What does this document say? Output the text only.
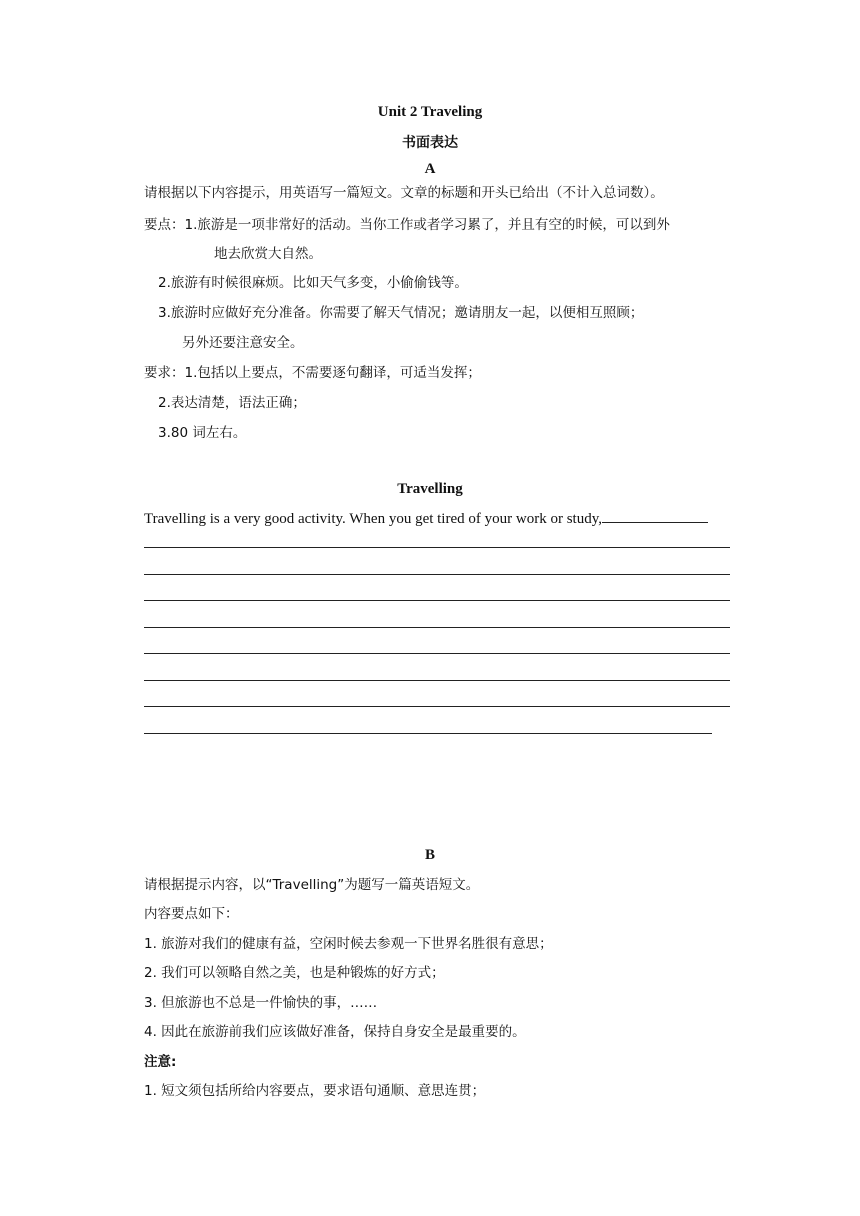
Unit 2 Traveling
书面表达
A
请根据以下内容提示，用英语写一篇短文。文章的标题和开头已给出（不计入总词数）。
要点：1.旅游是一项非常好的活动。当你工作或者学习累了，并且有空的时候，可以到外
地去欣赏大自然。
2.旅游有时候很麻烦。比如天气多变，小偷偷钱等。
3.旅游时应做好充分准备。你需要了解天气情况；邀请朋友一起，以便相互照顾；
另外还要注意安全。
要求：1.包括以上要点，不需要逐句翻译，可适当发挥；
2.表达清楚，语法正确；
3.80 词左右。
Travelling
Travelling is a very good activity. When you get tired of your work or study,
B
请根据提示内容，以“Travelling”为题写一篇英语短文。
内容要点如下：
1. 旅游对我们的健康有益，空闲时候去参观一下世界名胜很有意思；
2. 我们可以领略自然之美，也是种锻炼的好方式；
3. 但旅游也不总是一件愉快的事，……
4. 因此在旅游前我们应该做好准备，保持自身安全是最重要的。
注意:
1. 短文须包括所给内容要点，要求语句通顺、意思连贯；
